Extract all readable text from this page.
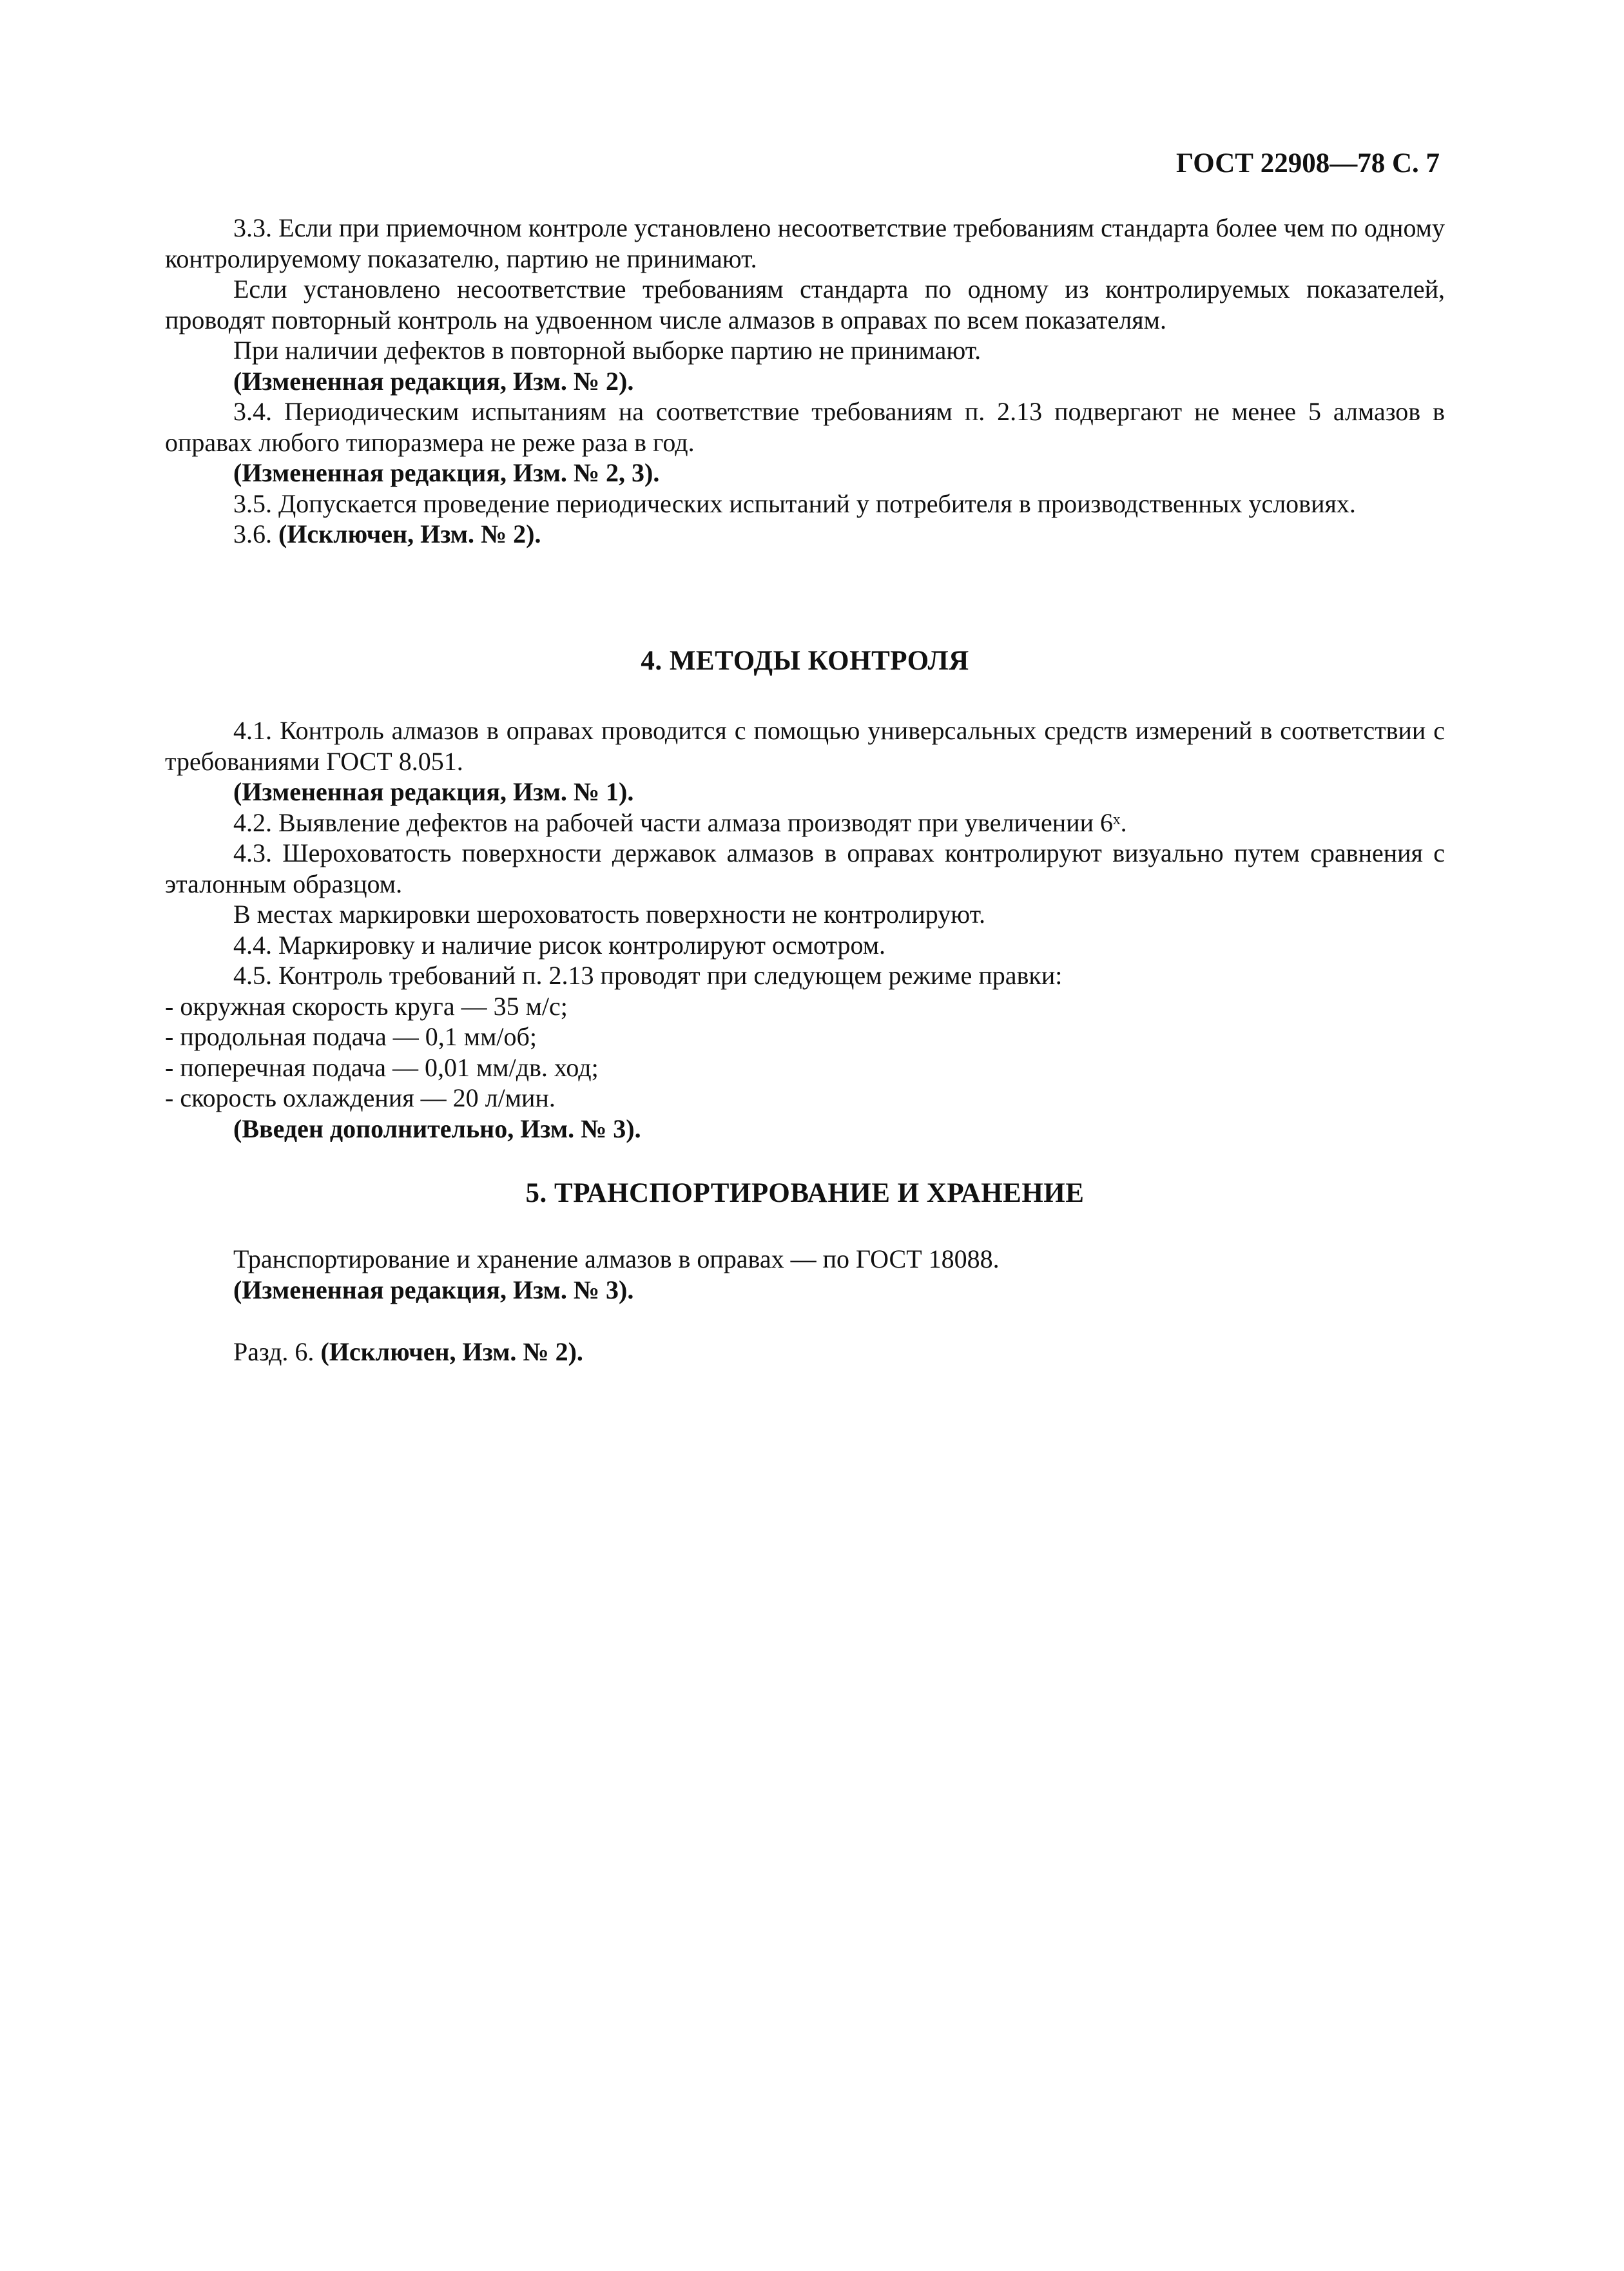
ГОСТ 22908—78 С. 7

3.3. Если при приемочном контроле установлено несоответствие требованиям стандарта более чем по одному контролируемому показателю, партию не принимают.

Если установлено несоответствие требованиям стандарта по одному из контролируемых показателей, проводят повторный контроль на удвоенном числе алмазов в оправах по всем показателям.

При наличии дефектов в повторной выборке партию не принимают.

(Измененная редакция, Изм. № 2).

3.4. Периодическим испытаниям на соответствие требованиям п. 2.13 подвергают не менее 5 алмазов в оправах любого типоразмера не реже раза в год.

(Измененная редакция, Изм. № 2, 3).

3.5. Допускается проведение периодических испытаний у потребителя в производственных условиях.

3.6. (Исключен, Изм. № 2).

4. МЕТОДЫ КОНТРОЛЯ

4.1. Контроль алмазов в оправах проводится с помощью универсальных средств измерений в соответствии с требованиями ГОСТ 8.051.

(Измененная редакция, Изм. № 1).

4.2. Выявление дефектов на рабочей части алмаза производят при увеличении 6ˣ.

4.3. Шероховатость поверхности державок алмазов в оправах контролируют визуально путем сравнения с эталонным образцом.

В местах маркировки шероховатость поверхности не контролируют.

4.4. Маркировку и наличие рисок контролируют осмотром.

4.5. Контроль требований п. 2.13 проводят при следующем режиме правки:

- окружная скорость круга — 35 м/с;

- продольная подача — 0,1 мм/об;

- поперечная подача — 0,01 мм/дв. ход;

- скорость охлаждения — 20 л/мин.

(Введен дополнительно, Изм. № 3).

5. ТРАНСПОРТИРОВАНИЕ И ХРАНЕНИЕ

Транспортирование и хранение алмазов в оправах — по ГОСТ 18088.

(Измененная редакция, Изм. № 3).

Разд. 6. (Исключен, Изм. № 2).
